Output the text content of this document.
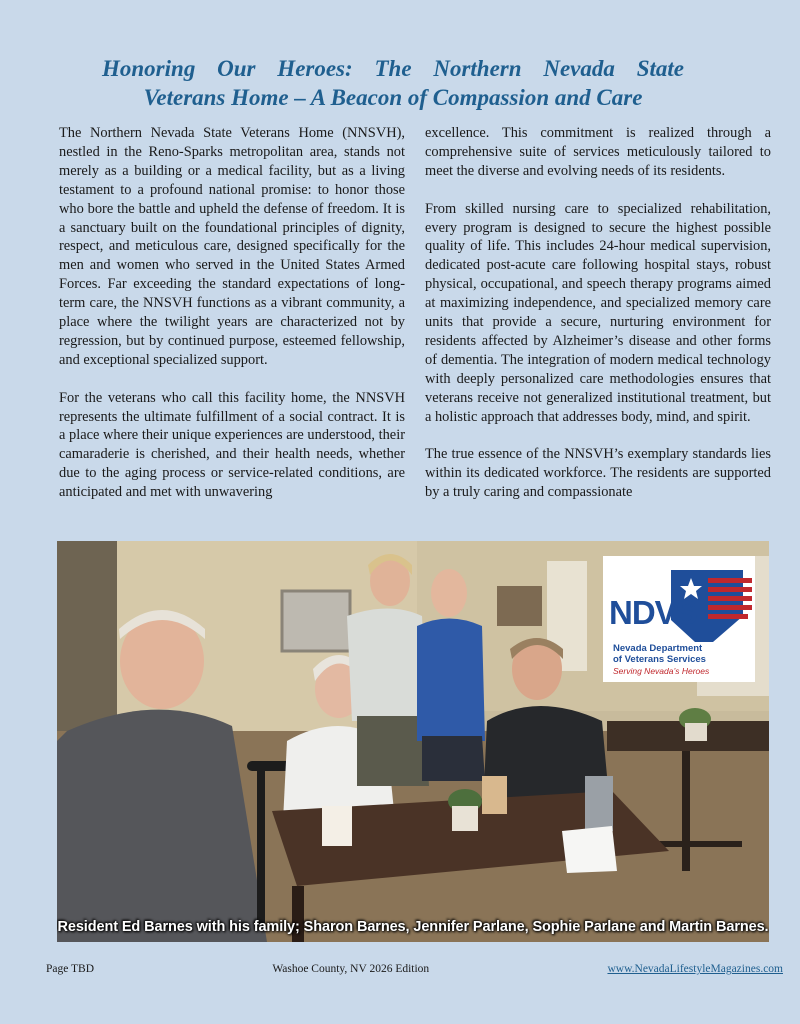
Honoring Our Heroes: The Northern Nevada State
Veterans Home – A Beacon of Compassion and Care

The Northern Nevada State Veterans Home (NNSVH), nestled in the Reno-Sparks metropolitan area, stands not merely as a building or a medical facility, but as a living testament to a profound national promise: to honor those who bore the battle and upheld the defense of freedom. It is a sanctuary built on the foundational principles of dignity, respect, and meticulous care, designed specifically for the men and women who served in the United States Armed Forces. Far exceeding the standard expectations of long-term care, the NNSVH functions as a vibrant community, a place where the twilight years are characterized not by regression, but by continued purpose, esteemed fellowship, and exceptional specialized support.

For the veterans who call this facility home, the NNSVH represents the ultimate fulfillment of a social contract. It is a place where their unique experiences are understood, their camaraderie is cherished, and their health needs, whether due to the aging process or service-related conditions, are anticipated and met with unwavering

excellence. This commitment is realized through a comprehensive suite of services meticulously tailored to meet the diverse and evolving needs of its residents.

From skilled nursing care to specialized rehabilitation, every program is designed to secure the highest possible quality of life. This includes 24-hour medical supervision, dedicated post-acute care following hospital stays, robust physical, occupational, and speech therapy programs aimed at maximizing independence, and specialized memory care units that provide a secure, nurturing environment for residents affected by Alzheimer’s disease and other forms of dementia. The integration of modern medical technology with deeply personalized care methodologies ensures that veterans receive not generalized institutional treatment, but a holistic approach that addresses body, mind, and spirit.

The true essence of the NNSVH’s exemplary standards lies within its dedicated workforce. The residents are supported by a truly caring and compassionate

NDVS
Nevada Department
of Veterans Services
Serving Nevada’s Heroes
Resident Ed Barnes with his family; Sharon Barnes, Jennifer Parlane, Sophie Parlane and Martin Barnes.
Page TBD	Washoe County, NV 2026 Edition	www.NevadaLifestyleMagazines.com
